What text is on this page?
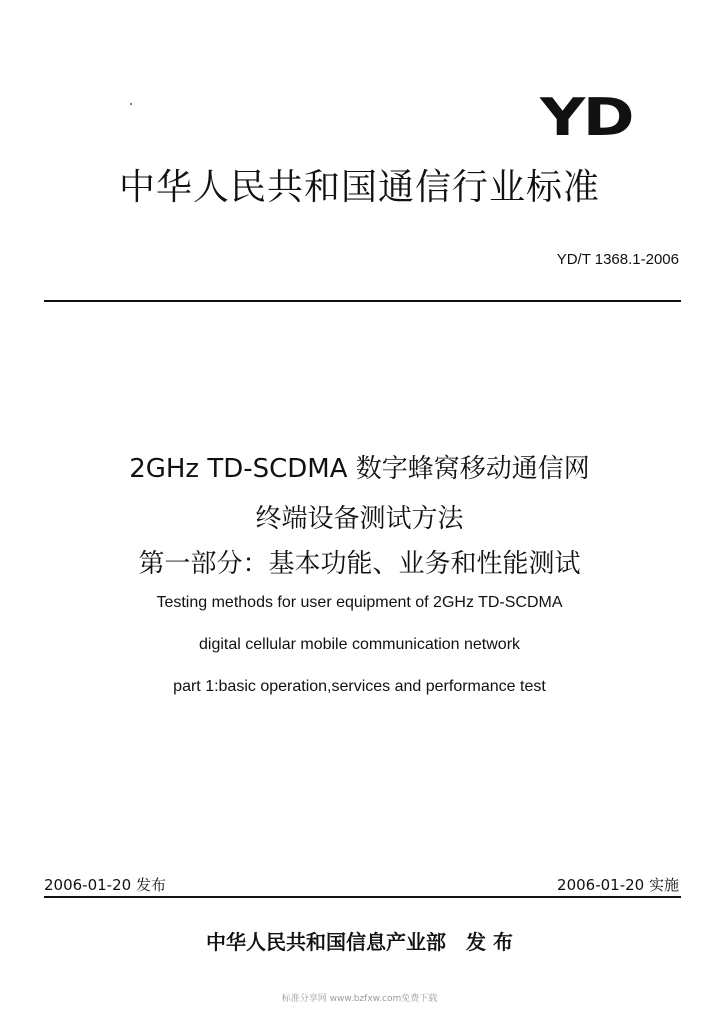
YD
中华人民共和国通信行业标准
YD/T 1368.1-2006
2GHz TD-SCDMA 数字蜂窝移动通信网
终端设备测试方法
第一部分：基本功能、业务和性能测试
Testing methods for user equipment of 2GHz TD-SCDMA
digital cellular mobile communication network
part 1:basic operation,services and performance test
2006-01-20 发布	2006-01-20 实施
中华人民共和国信息产业部　发 布
标准分享网 www.bzfxw.com免费下载
